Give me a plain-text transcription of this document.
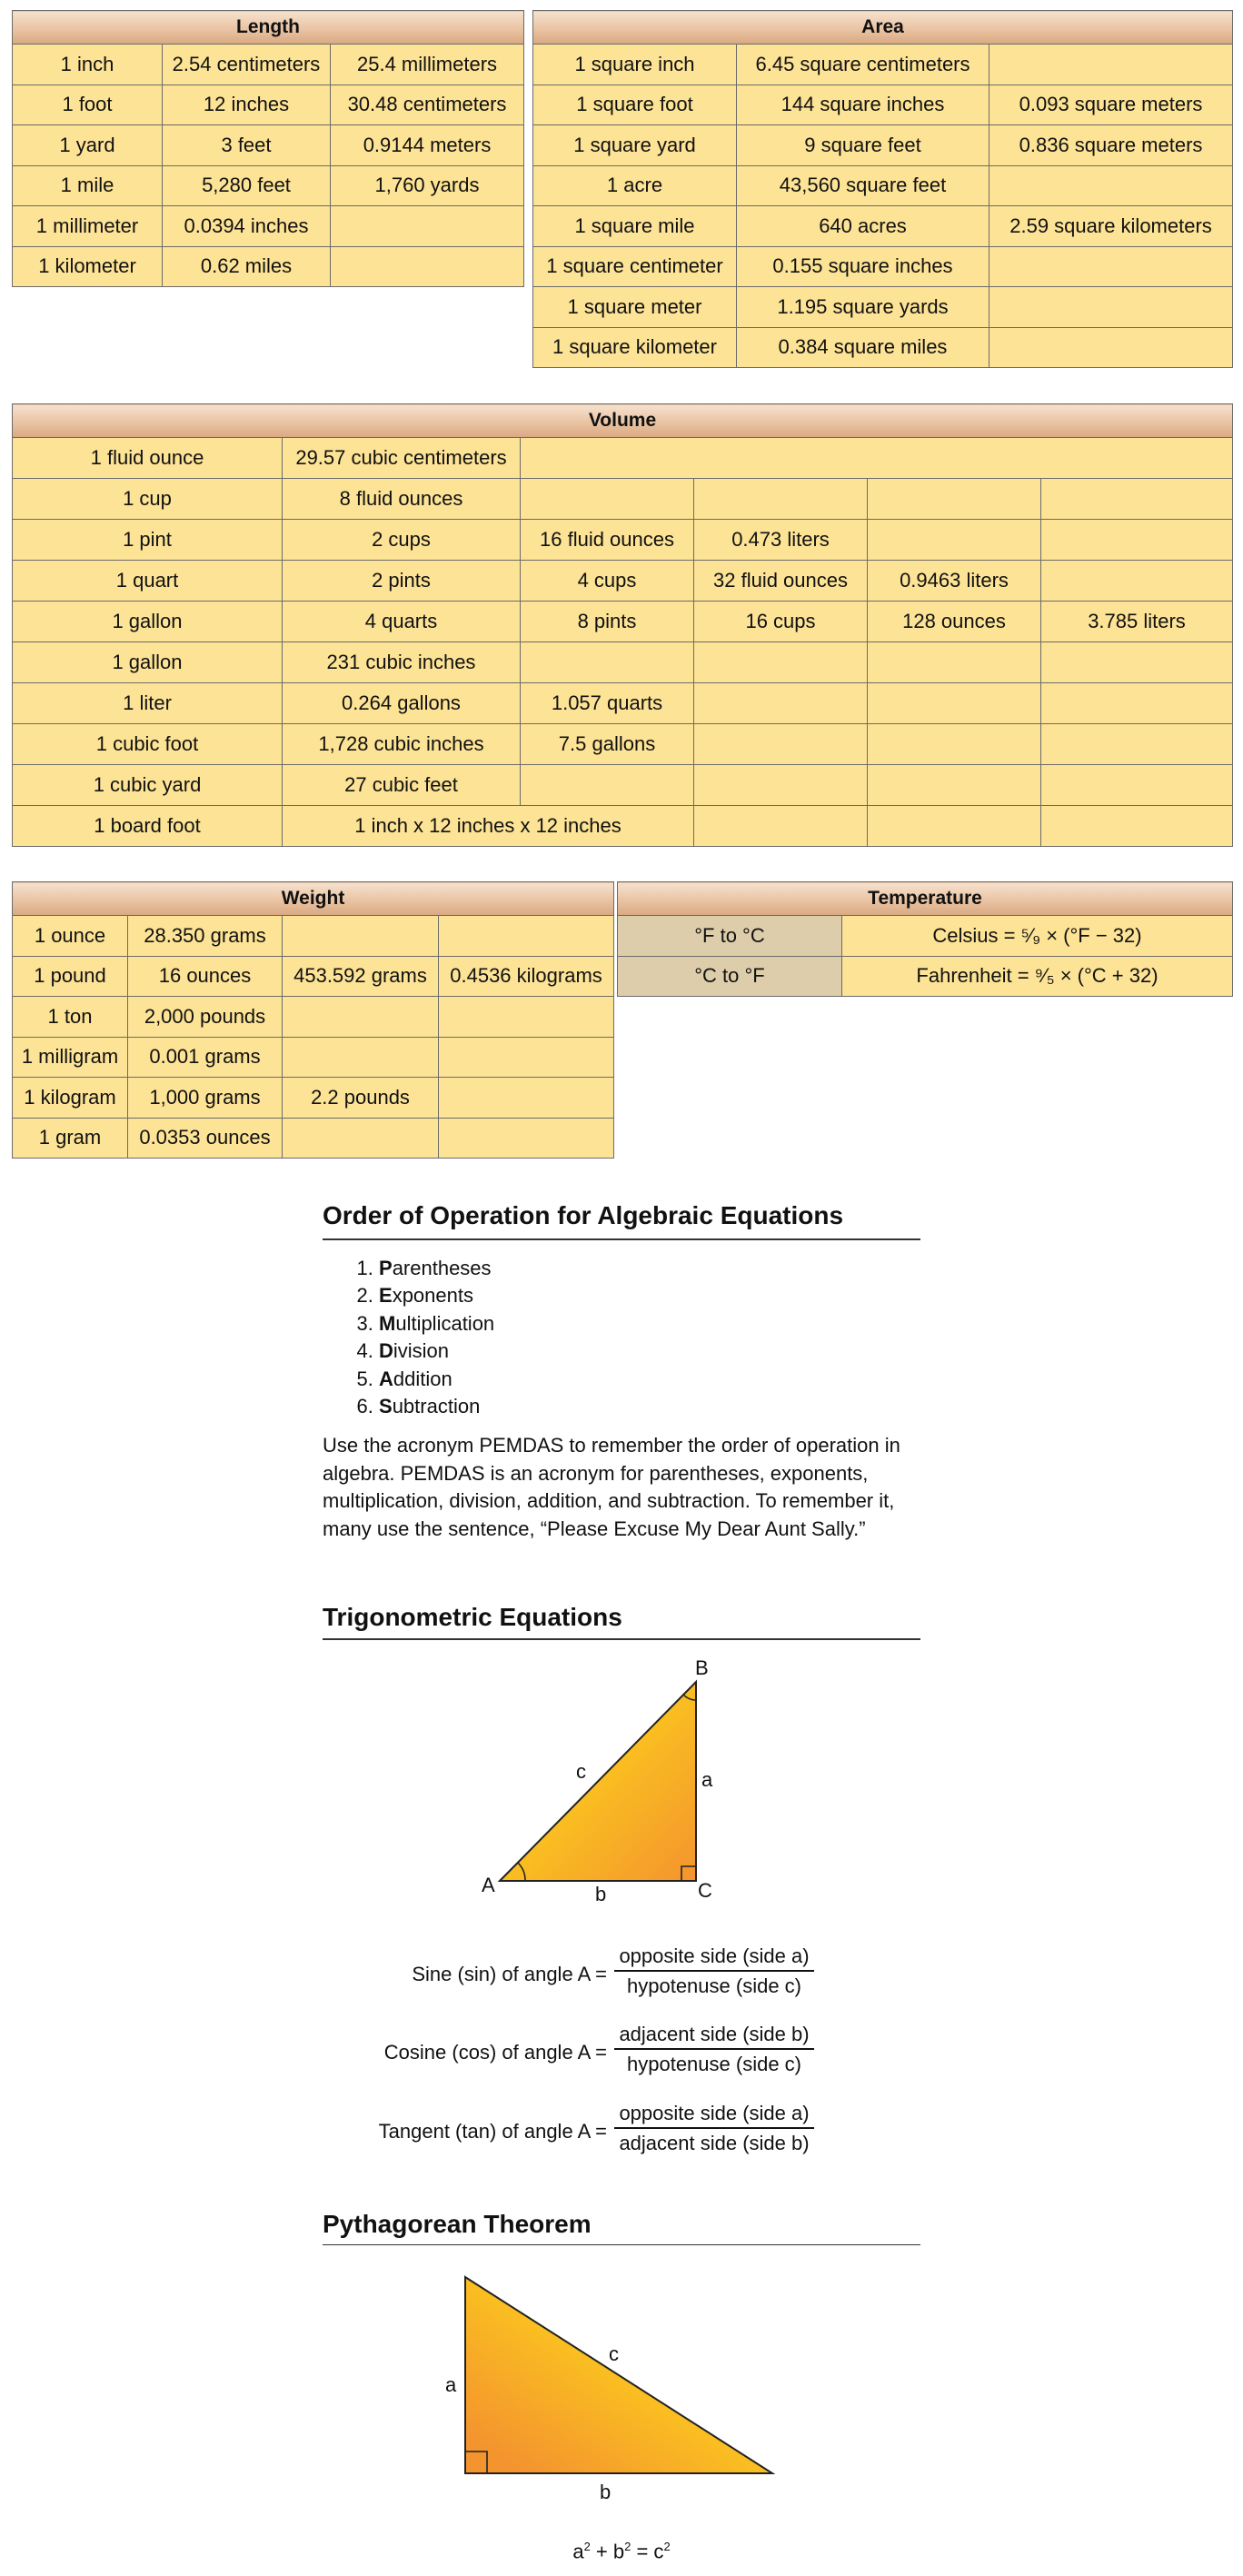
Length		
1 inch	2.54 centimeters	25.4 millimeters
1 foot	12 inches	30.48 centimeters
1 yard	3 feet	0.9144 meters
1 mile	5,280 feet	1,760 yards
1 millimeter	0.0394 inches	
1 kilometer	0.62 miles	
Area		
1 square inch	6.45 square centimeters	
1 square foot	144 square inches	0.093 square meters
1 square yard	9 square feet	0.836 square meters
1 acre	43,560 square feet	
1 square mile	640 acres	2.59 square kilometers
1 square centimeter	0.155 square inches	
1 square meter	1.195 square yards	
1 square kilometer	0.384 square miles	
Volume					
1 fluid ounce	29.57 cubic centimeters				
1 cup	8 fluid ounces				
1 pint	2 cups	16 fluid ounces	0.473 liters		
1 quart	2 pints	4 cups	32 fluid ounces	0.9463 liters	
1 gallon	4 quarts	8 pints	16 cups	128 ounces	3.785 liters
1 gallon	231 cubic inches				
1 liter	0.264 gallons	1.057 quarts			
1 cubic foot	1,728 cubic inches	7.5 gallons			
1 cubic yard	27 cubic feet				
1 board foot	1 inch x 12 inches x 12 inches				
Weight			
1 ounce	28.350 grams		
1 pound	16 ounces	453.592 grams	0.4536 kilograms
1 ton	2,000 pounds		
1 milligram	0.001 grams		
1 kilogram	1,000 grams	2.2 pounds	
1 gram	0.0353 ounces		
Temperature	
°F to °C	Celsius = ⁵⁄₉ × (°F − 32)
°C to °F	Fahrenheit = ⁹⁄₅ × (°C + 32)
Order of Operation for Algebraic Equations
1. Parentheses
2. Exponents
3. Multiplication
4. Division
5. Addition
6. Subtraction

Use the acronym PEMDAS to remember the order of operation in algebra. PEMDAS is an acronym for parentheses, exponents, multiplication, division, addition, and subtraction. To remember it, many use the sentence, “Please Excuse My Dear Aunt Sally.”

Trigonometric Equations
A
B
C
a
b
c
Sine (sin) of angle A =
opposite side (side a)
hypotenuse (side c)
Cosine (cos) of angle A =
adjacent side (side b)
hypotenuse (side c)
Tangent (tan) of angle A =
opposite side (side a)
adjacent side (side b)
Pythagorean Theorem
a
b
c
$a^2 + b^2 = c^2$
